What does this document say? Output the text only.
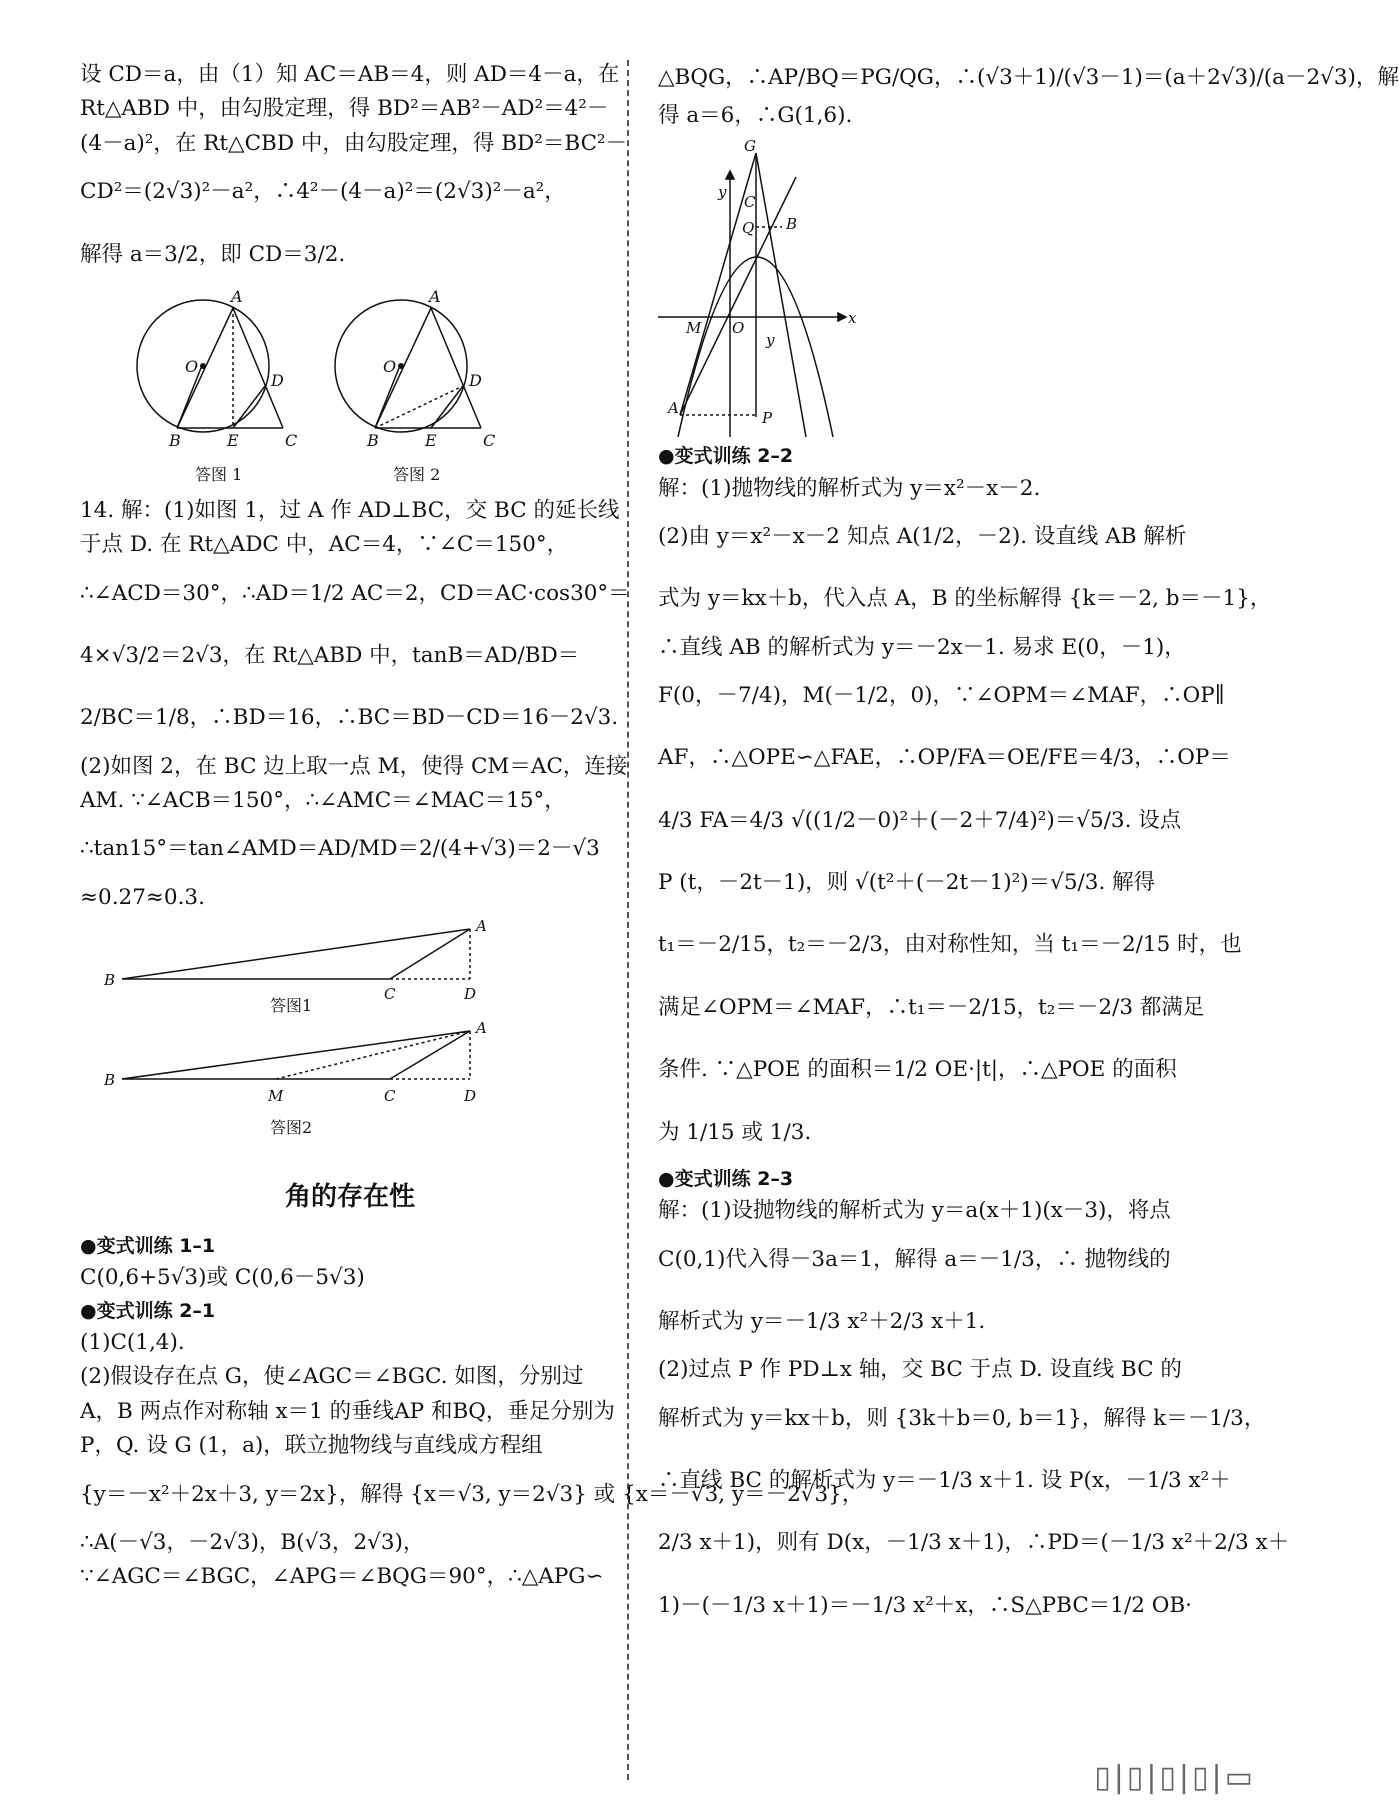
设 CD＝a，由（1）知 AC＝AB＝4，则 AD＝4－a，在
Rt△ABD 中，由勾股定理，得 BD²＝AB²－AD²＝4²－
(4－a)²，在 Rt△CBD 中，由勾股定理，得 BD²＝BC²－
CD²＝(2√3)²－a²，∴4²－(4－a)²＝(2√3)²－a²，
解得 a＝3/2，即 CD＝3/2.
A
O
D
B	E	C
答图 1
A
O
D
B	E	C
答图 2
14. 解：(1)如图 1，过 A 作 AD⊥BC，交 BC 的延长线
于点 D. 在 Rt△ADC 中，AC＝4，∵∠C＝150°，
∴∠ACD＝30°，∴AD＝1/2 AC＝2，CD＝AC·cos30°＝
4×√3/2＝2√3，在 Rt△ABD 中，tanB＝AD/BD＝
2/BC＝1/8，∴BD＝16，∴BC＝BD－CD＝16－2√3.
(2)如图 2，在 BC 边上取一点 M，使得 CM＝AC，连接
AM. ∵∠ACB＝150°，∴∠AMC＝∠MAC＝15°，
∴tan15°＝tan∠AMD＝AD/MD＝2/(4+√3)＝2－√3
≈0.27≈0.3.
B
A
C	D
答图1
B
A
M	C	D
答图2
角的存在性
●变式训练 1–1
C(0,6+5√3)或 C(0,6－5√3)
●变式训练 2–1
(1)C(1,4).
(2)假设存在点 G，使∠AGC＝∠BGC. 如图，分别过
A，B 两点作对称轴 x＝1 的垂线AP 和BQ，垂足分别为
P，Q. 设 G (1，a)，联立抛物线与直线成方程组
{y＝－x²＋2x＋3, y＝2x}，解得 {x＝√3, y＝2√3} 或 {x＝－√3, y＝－2√3}，
∴A(－√3，－2√3)，B(√3，2√3)，
∵∠AGC＝∠BGC，∠APG＝∠BQG＝90°，∴△APG∽
△BQG，∴AP/BQ＝PG/QG，∴(√3＋1)/(√3－1)＝(a＋2√3)/(a－2√3)，解
得 a＝6，∴G(1,6).
G
C
Q B
y
x
M O
y
A
P
●变式训练 2–2
解：(1)抛物线的解析式为 y＝x²－x－2.
(2)由 y＝x²－x－2 知点 A(1/2，－2). 设直线 AB 解析
式为 y＝kx＋b，代入点 A，B 的坐标解得 {k＝－2, b＝－1}，
∴直线 AB 的解析式为 y＝－2x－1. 易求 E(0，－1)，
F(0，－7/4)，M(－1/2，0)，∵∠OPM＝∠MAF，∴OP∥
AF，∴△OPE∽△FAE，∴OP/FA＝OE/FE＝4/3，∴OP＝
4/3 FA＝4/3 √((1/2－0)²＋(－2＋7/4)²)＝√5/3. 设点
P (t，－2t－1)，则 √(t²＋(－2t－1)²)＝√5/3. 解得
t₁＝－2/15，t₂＝－2/3，由对称性知，当 t₁＝－2/15 时，也
满足∠OPM＝∠MAF，∴t₁＝－2/15，t₂＝－2/3 都满足
条件. ∵△POE 的面积＝1/2 OE·|t|，∴△POE 的面积
为 1/15 或 1/3.
●变式训练 2–3
解：(1)设抛物线的解析式为 y＝a(x＋1)(x－3)，将点
C(0,1)代入得－3a＝1，解得 a＝－1/3，∴ 抛物线的
解析式为 y＝－1/3 x²＋2/3 x＋1.
(2)过点 P 作 PD⊥x 轴，交 BC 于点 D. 设直线 BC 的
解析式为 y＝kx＋b，则 {3k＋b＝0, b＝1}，解得 k＝－1/3，
∴直线 BC 的解析式为 y＝－1/3 x＋1. 设 P(x，－1/3 x²＋
2/3 x＋1)，则有 D(x，－1/3 x＋1)，∴PD＝(－1/3 x²＋2/3 x＋
1)－(－1/3 x＋1)＝－1/3 x²＋x，∴S△PBC＝1/2 OB·
▯|▯|▯|▯|▭
